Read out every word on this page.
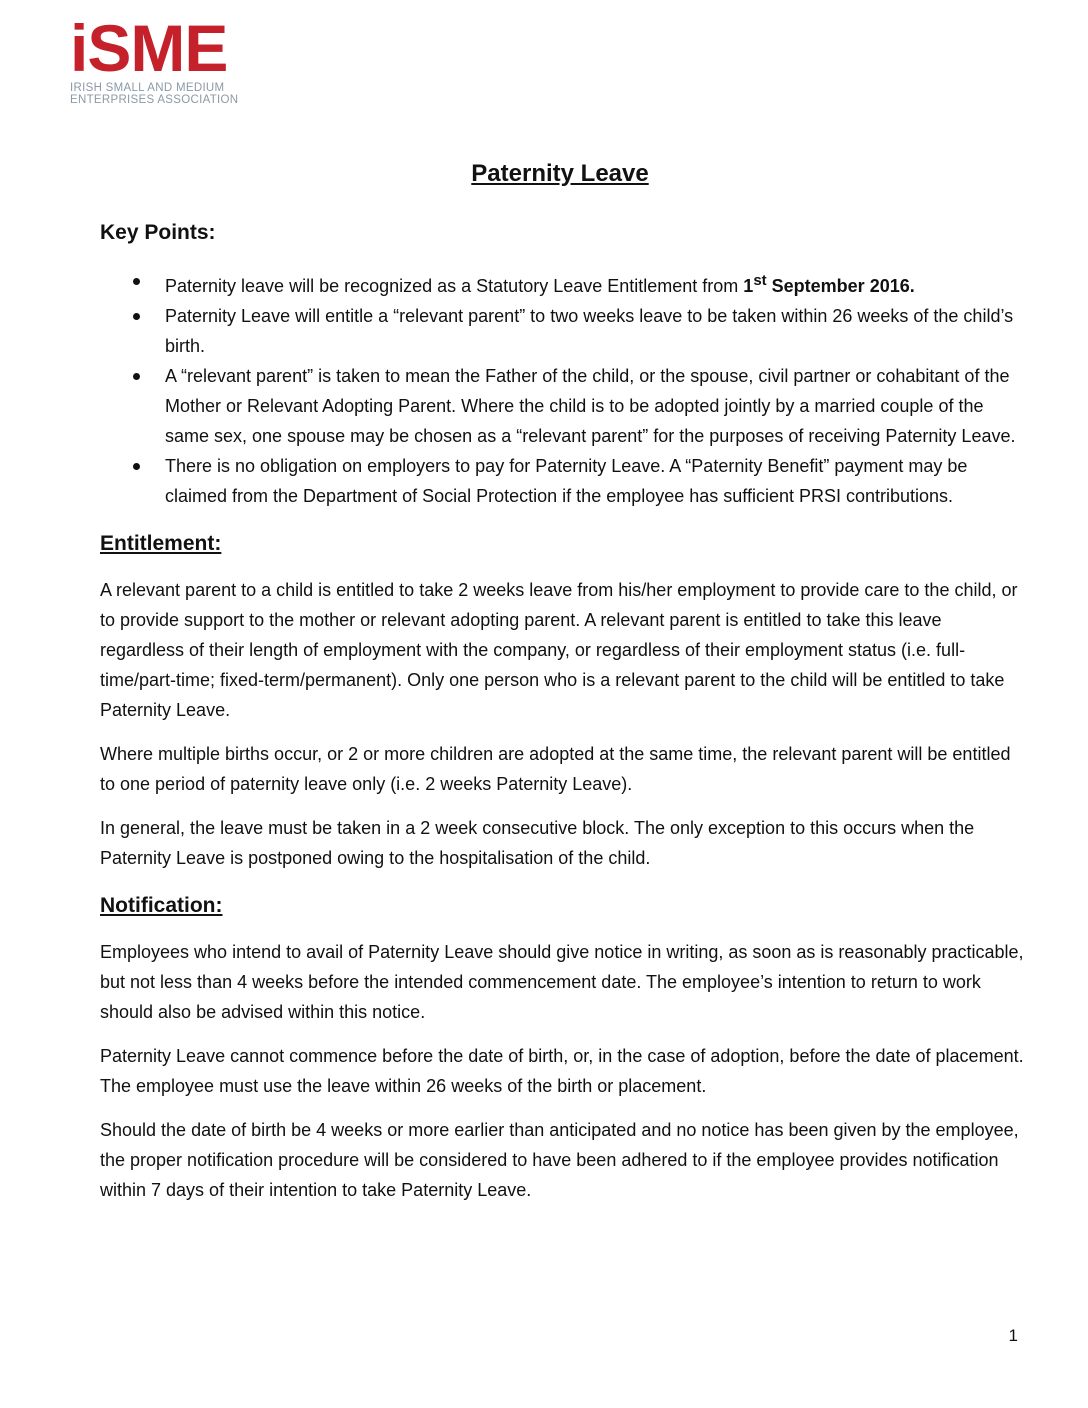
iSME
IRISH SMALL AND MEDIUM
ENTERPRISES ASSOCIATION
Paternity Leave
Key Points:
Paternity leave will be recognized as a Statutory Leave Entitlement from 1st September 2016.
Paternity Leave will entitle a “relevant parent” to two weeks leave to be taken within 26 weeks of the child’s birth.
A “relevant parent” is taken to mean the Father of the child, or the spouse, civil partner or cohabitant of the Mother or Relevant Adopting Parent. Where the child is to be adopted jointly by a married couple of the same sex, one spouse may be chosen as a “relevant parent” for the purposes of receiving Paternity Leave.
There is no obligation on employers to pay for Paternity Leave. A “Paternity Benefit” payment may be claimed from the Department of Social Protection if the employee has sufficient PRSI contributions.
Entitlement:

A relevant parent to a child is entitled to take 2 weeks leave from his/her employment to provide care to the child, or to provide support to the mother or relevant adopting parent. A relevant parent is entitled to take this leave regardless of their length of employment with the company, or regardless of their employment status (i.e. full-time/part-time; fixed-term/permanent). Only one person who is a relevant parent to the child will be entitled to take Paternity Leave.

Where multiple births occur, or 2 or more children are adopted at the same time, the relevant parent will be entitled to one period of paternity leave only (i.e. 2 weeks Paternity Leave).

In general, the leave must be taken in a 2 week consecutive block. The only exception to this occurs when the Paternity Leave is postponed owing to the hospitalisation of the child.

Notification:

Employees who intend to avail of Paternity Leave should give notice in writing, as soon as is reasonably practicable, but not less than 4 weeks before the intended commencement date. The employee’s intention to return to work should also be advised within this notice.

Paternity Leave cannot commence before the date of birth, or, in the case of adoption, before the date of placement. The employee must use the leave within 26 weeks of the birth or placement.

Should the date of birth be 4 weeks or more earlier than anticipated and no notice has been given by the employee, the proper notification procedure will be considered to have been adhered to if the employee provides notification within 7 days of their intention to take Paternity Leave.

1
